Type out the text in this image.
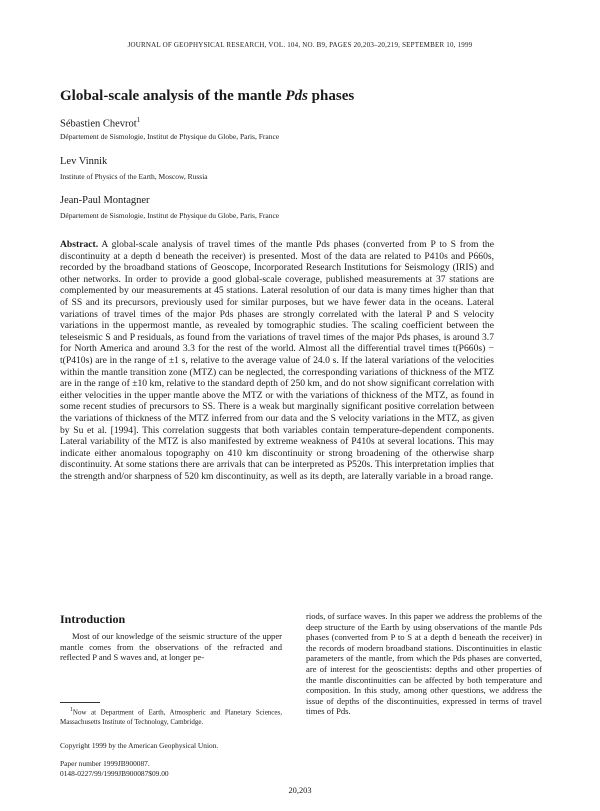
JOURNAL OF GEOPHYSICAL RESEARCH, VOL. 104, NO. B9, PAGES 20,203–20,219, SEPTEMBER 10, 1999
Global-scale analysis of the mantle Pds phases
Sébastien Chevrot$^1$
Département de Sismologie, Institut de Physique du Globe, Paris, France
Lev Vinnik
Institute of Physics of the Earth, Moscow, Russia
Jean-Paul Montagner
Département de Sismologie, Institut de Physique du Globe, Paris, France
Abstract. A global-scale analysis of travel times of the mantle Pds phases (converted from P to S from the discontinuity at a depth d beneath the receiver) is presented. Most of the data are related to P410s and P660s, recorded by the broadband stations of Geoscope, Incorporated Research Institutions for Seismology (IRIS) and other networks. In order to provide a good global-scale coverage, published measurements at 37 stations are complemented by our measurements at 45 stations. Lateral resolution of our data is many times higher than that of SS and its precursors, previously used for similar purposes, but we have fewer data in the oceans. Lateral variations of travel times of the major Pds phases are strongly correlated with the lateral P and S velocity variations in the uppermost mantle, as revealed by tomographic studies. The scaling coefficient between the teleseismic S and P residuals, as found from the variations of travel times of the major Pds phases, is around 3.7 for North America and around 3.3 for the rest of the world. Almost all the differential travel times t(P660s) − t(P410s) are in the range of ±1 s, relative to the average value of 24.0 s. If the lateral variations of the velocities within the mantle transition zone (MTZ) can be neglected, the corresponding variations of thickness of the MTZ are in the range of ±10 km, relative to the standard depth of 250 km, and do not show significant correlation with either velocities in the upper mantle above the MTZ or with the variations of thickness of the MTZ, as found in some recent studies of precursors to SS. There is a weak but marginally significant positive correlation between the variations of thickness of the MTZ inferred from our data and the S velocity variations in the MTZ, as given by Su et al. [1994]. This correlation suggests that both variables contain temperature-dependent components. Lateral variability of the MTZ is also manifested by extreme weakness of P410s at several locations. This may indicate either anomalous topography on 410 km discontinuity or strong broadening of the otherwise sharp discontinuity. At some stations there are arrivals that can be interpreted as P520s. This interpretation implies that the strength and/or sharpness of 520 km discontinuity, as well as its depth, are laterally variable in a broad range.
Introduction
Most of our knowledge of the seismic structure of the upper mantle comes from the observations of the refracted and reflected P and S waves and, at longer pe-
$^1$Now at Department of Earth, Atmospheric and Planetary Sciences, Massachusetts Institute of Technology, Cambridge.
Copyright 1999 by the American Geophysical Union.
Paper number 1999JB900087.
0148-0227/99/1999JB900087$09.00
riods, of surface waves. In this paper we address the problems of the deep structure of the Earth by using observations of the mantle Pds phases (converted from P to S at a depth d beneath the receiver) in the records of modern broadband stations. Discontinuities in elastic parameters of the mantle, from which the Pds phases are converted, are of interest for the geoscientists: depths and other properties of the mantle discontinuities can be affected by both temperature and composition. In this study, among other questions, we address the issue of depths of the discontinuities, expressed in terms of travel times of Pds.
20,203
